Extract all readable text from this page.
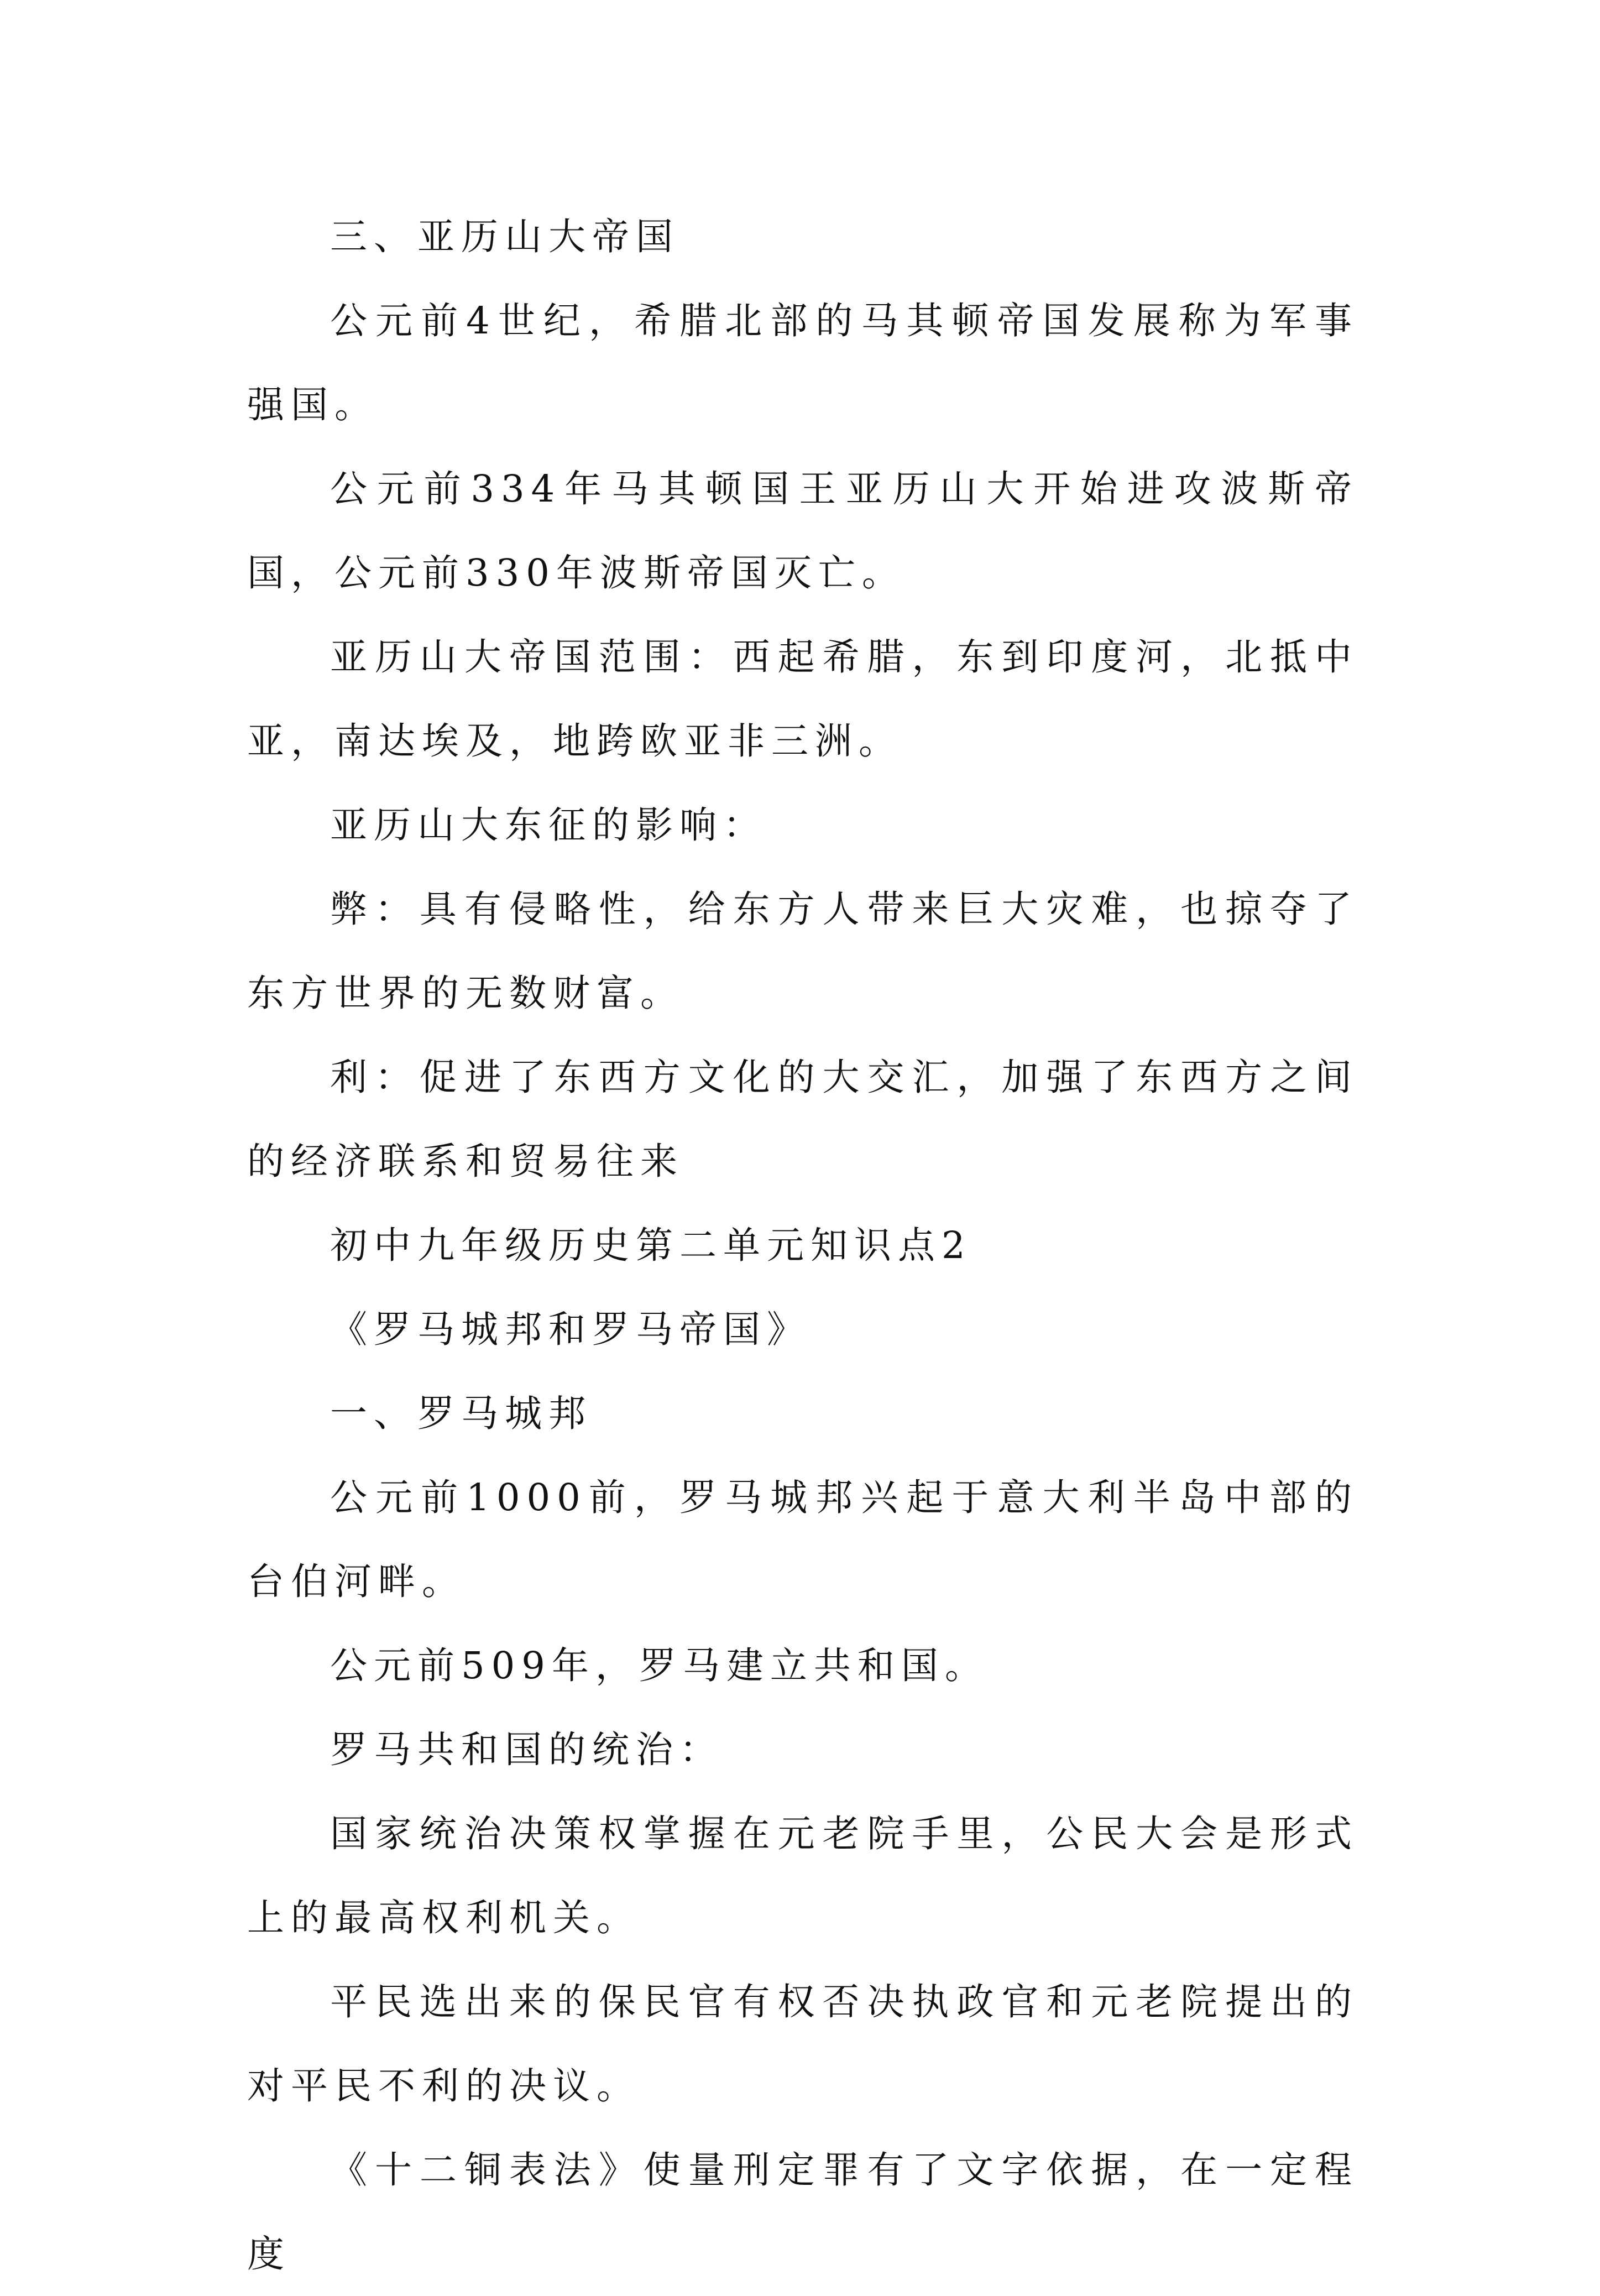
三、亚历山大帝国

公元前4世纪，希腊北部的马其顿帝国发展称为军事强国。

公元前334年马其顿国王亚历山大开始进攻波斯帝国，公元前330年波斯帝国灭亡。

亚历山大帝国范围：西起希腊，东到印度河，北抵中亚，南达埃及，地跨欧亚非三洲。

亚历山大东征的影响：

弊：具有侵略性，给东方人带来巨大灾难，也掠夺了东方世界的无数财富。

利：促进了东西方文化的大交汇，加强了东西方之间的经济联系和贸易往来

初中九年级历史第二单元知识点2

《罗马城邦和罗马帝国》

一、罗马城邦

公元前1000前，罗马城邦兴起于意大利半岛中部的台伯河畔。

公元前509年，罗马建立共和国。

罗马共和国的统治：

国家统治决策权掌握在元老院手里，公民大会是形式上的最高权利机关。

平民选出来的保民官有权否决执政官和元老院提出的对平民不利的决议。

《十二铜表法》使量刑定罪有了文字依据，在一定程度
